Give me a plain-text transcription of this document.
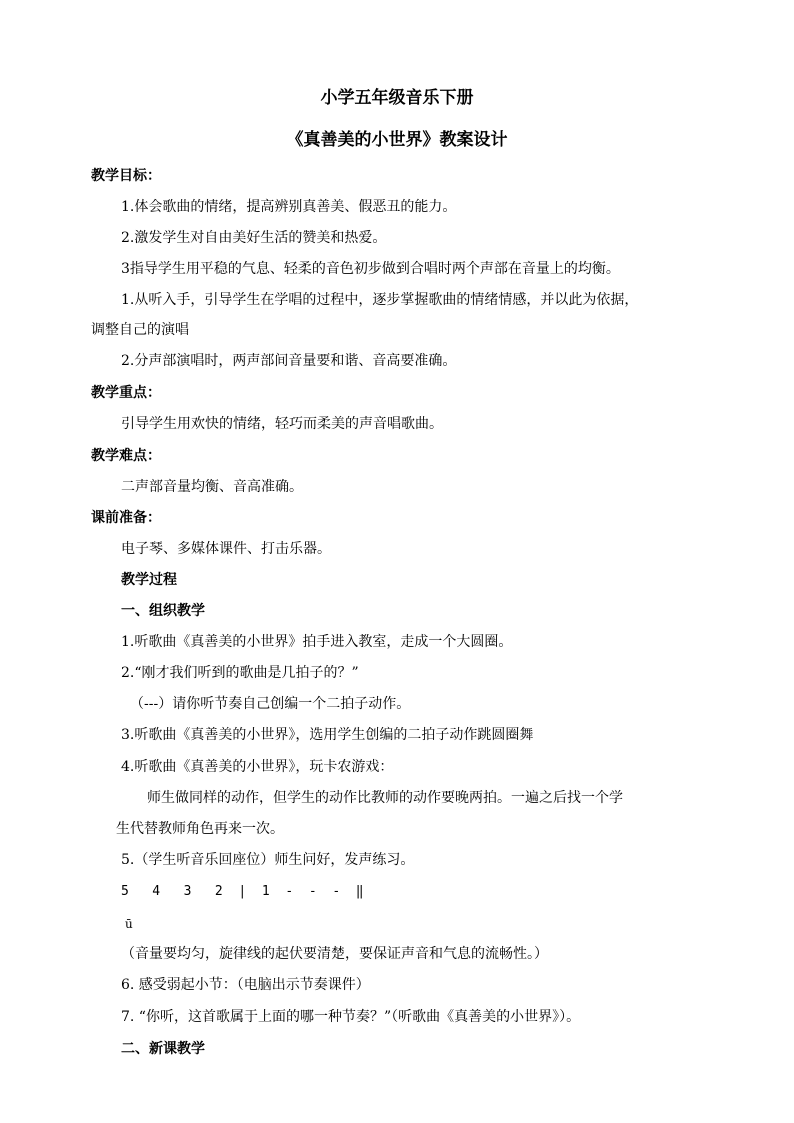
小学五年级音乐下册
《真善美的小世界》教案设计
教学目标：
1.体会歌曲的情绪，提高辨别真善美、假恶丑的能力。
2.激发学生对自由美好生活的赞美和热爱。
3指导学生用平稳的气息、轻柔的音色初步做到合唱时两个声部在音量上的均衡。
1.从听入手，引导学生在学唱的过程中，逐步掌握歌曲的情绪情感，并以此为依据，
调整自己的演唱
2.分声部演唱时，两声部间音量要和谐、音高要准确。
教学重点：
引导学生用欢快的情绪，轻巧而柔美的声音唱歌曲。
教学难点：
二声部音量均衡、音高准确。
课前准备：
电子琴、多媒体课件、打击乐器。
教学过程
一、组织教学
1.听歌曲《真善美的小世界》拍手进入教室，走成一个大圆圈。
2.“刚才我们听到的歌曲是几拍子的？”
（---）请你听节奏自己创编一个二拍子动作。
3.听歌曲《真善美的小世界》，选用学生创编的二拍子动作跳圆圈舞
4.听歌曲《真善美的小世界》，玩卡农游戏：
师生做同样的动作，但学生的动作比教师的动作要晚两拍。一遍之后找一个学
生代替教师角色再来一次。
5.（学生听音乐回座位）师生问好，发声练习。
5   4   3   2  |  1  -  -  -  ‖
ū
（音量要均匀，旋律线的起伏要清楚，要保证声音和气息的流畅性。）
6. 感受弱起小节：（电脑出示节奏课件）
7. “你听，这首歌属于上面的哪一种节奏？”（听歌曲《真善美的小世界》）。
二、新课教学
